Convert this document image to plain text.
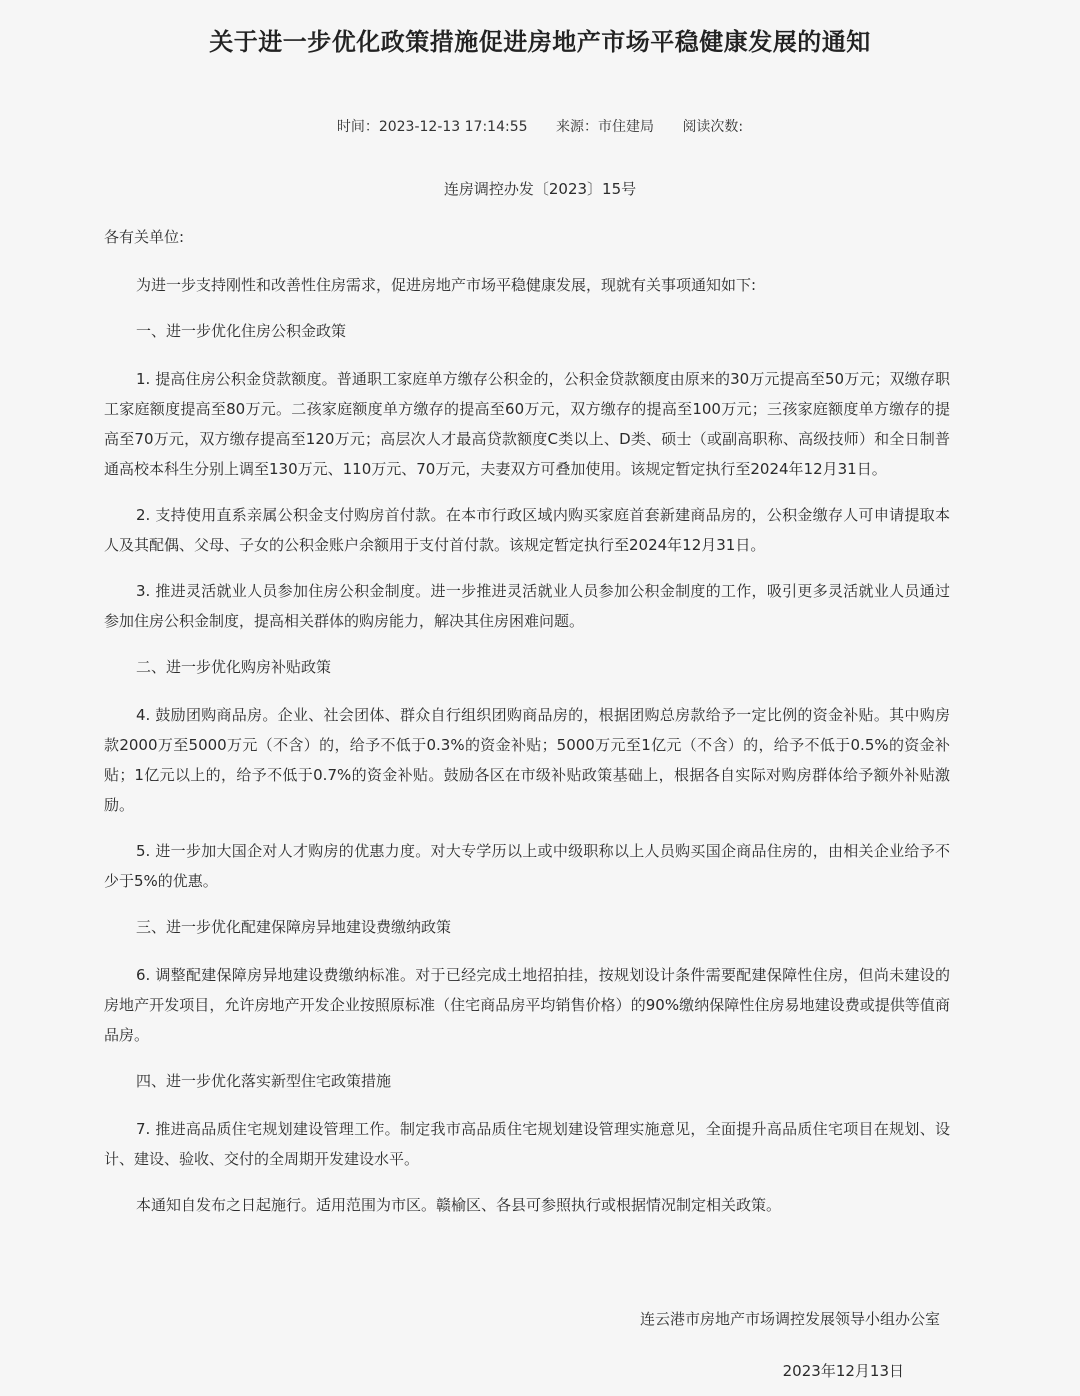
关于进一步优化政策措施促进房地产市场平稳健康发展的通知
时间：2023-12-13 17:14:55 来源：市住建局 阅读次数:
连房调控办发〔2023〕15号

各有关单位:

为进一步支持刚性和改善性住房需求，促进房地产市场平稳健康发展，现就有关事项通知如下:

一、进一步优化住房公积金政策

1. 提高住房公积金贷款额度。普通职工家庭单方缴存公积金的，公积金贷款额度由原来的30万元提高至50万元；双缴存职工家庭额度提高至80万元。二孩家庭额度单方缴存的提高至60万元，双方缴存的提高至100万元；三孩家庭额度单方缴存的提高至70万元，双方缴存提高至120万元；高层次人才最高贷款额度C类以上、D类、硕士（或副高职称、高级技师）和全日制普通高校本科生分别上调至130万元、110万元、70万元，夫妻双方可叠加使用。该规定暂定执行至2024年12月31日。

2. 支持使用直系亲属公积金支付购房首付款。在本市行政区域内购买家庭首套新建商品房的，公积金缴存人可申请提取本人及其配偶、父母、子女的公积金账户余额用于支付首付款。该规定暂定执行至2024年12月31日。

3. 推进灵活就业人员参加住房公积金制度。进一步推进灵活就业人员参加公积金制度的工作，吸引更多灵活就业人员通过参加住房公积金制度，提高相关群体的购房能力，解决其住房困难问题。

二、进一步优化购房补贴政策

4. 鼓励团购商品房。企业、社会团体、群众自行组织团购商品房的，根据团购总房款给予一定比例的资金补贴。其中购房款2000万至5000万元（不含）的，给予不低于0.3%的资金补贴；5000万元至1亿元（不含）的，给予不低于0.5%的资金补贴；1亿元以上的，给予不低于0.7%的资金补贴。鼓励各区在市级补贴政策基础上，根据各自实际对购房群体给予额外补贴激励。

5. 进一步加大国企对人才购房的优惠力度。对大专学历以上或中级职称以上人员购买国企商品住房的，由相关企业给予不少于5%的优惠。

三、进一步优化配建保障房异地建设费缴纳政策

6. 调整配建保障房异地建设费缴纳标准。对于已经完成土地招拍挂，按规划设计条件需要配建保障性住房，但尚未建设的房地产开发项目，允许房地产开发企业按照原标准（住宅商品房平均销售价格）的90%缴纳保障性住房易地建设费或提供等值商品房。

四、进一步优化落实新型住宅政策措施

7. 推进高品质住宅规划建设管理工作。制定我市高品质住宅规划建设管理实施意见，全面提升高品质住宅项目在规划、设计、建设、验收、交付的全周期开发建设水平。

本通知自发布之日起施行。适用范围为市区。赣榆区、各县可参照执行或根据情况制定相关政策。

连云港市房地产市场调控发展领导小组办公室
2023年12月13日
